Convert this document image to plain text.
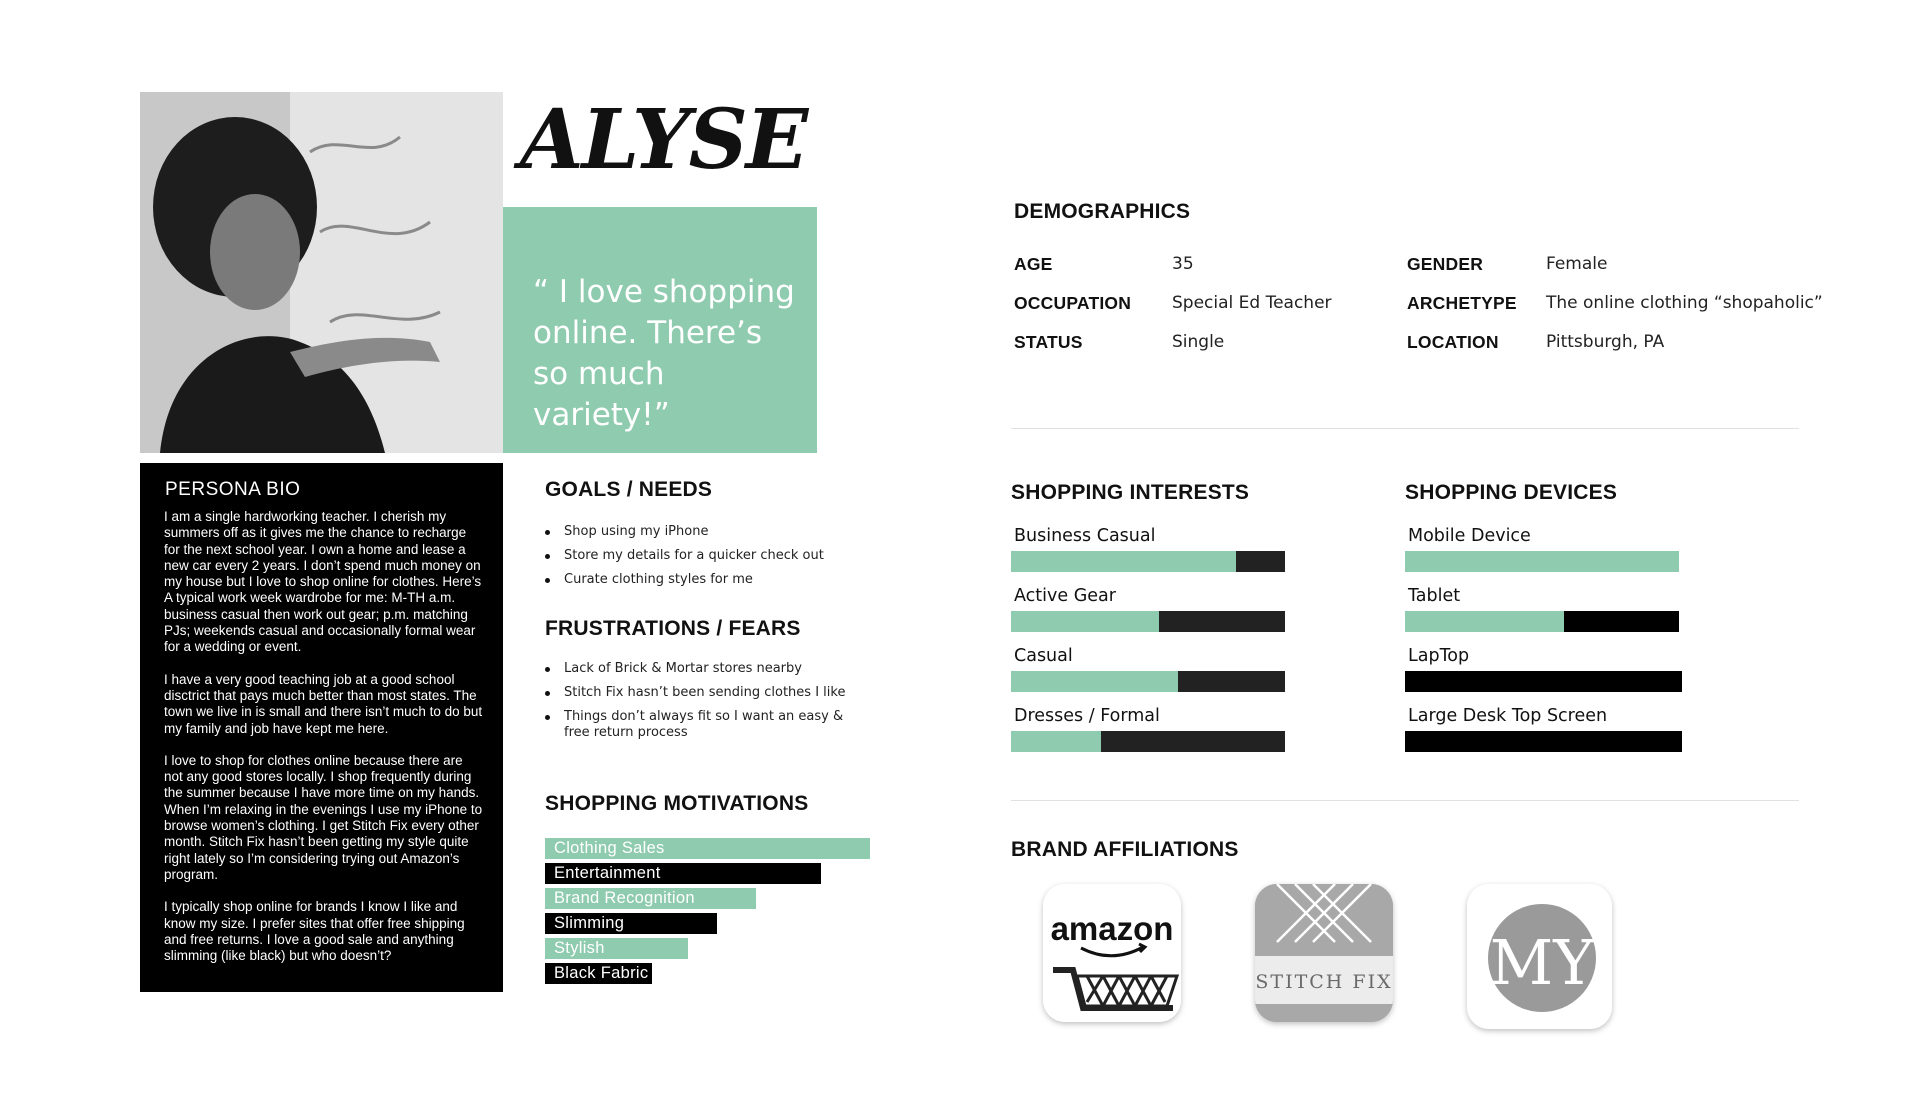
ALYSE
“ I love shopping online. There’s so much variety!”
PERSONA BIO

I am a single hardworking teacher. I cherish my summers off as it gives me the chance to recharge for the next school year. I own a home and lease a new car every 2 years. I don’t spend much money on my house but I love to shop online for clothes. Here’s A typical work week wardrobe for me: M-TH a.m. business casual then work out gear; p.m. matching PJs; weekends casual and occasionally formal wear for a wedding or event.

I have a very good teaching job at a good school disctrict that pays much better than most states. The town we live in is small and there isn’t much to do but my family and job have kept me here.

I love to shop for clothes online because there are not any good stores locally. I shop frequently during the summer because I have more time on my hands. When I’m relaxing in the evenings I use my iPhone to browse women’s clothing. I get Stitch Fix every other month. Stitch Fix hasn’t been getting my style quite right lately so I’m considering trying out Amazon’s program.

I typically shop online for brands I know I like and know my size. I prefer sites that offer free shipping and free returns. I love a good sale and anything slimming (like black) but who doesn’t?

GOALS / NEEDS
Shop using my iPhone
Store my details for a quicker check out
Curate clothing styles for me
FRUSTRATIONS / FEARS
Lack of Brick & Mortar stores nearby
Stitch Fix hasn’t been sending clothes I like
Things don’t always fit so I want an easy & free return process
SHOPPING MOTIVATIONS
Clothing Sales
Entertainment
Brand Recognition
Slimming
Stylish
Black Fabric
DEMOGRAPHICS
AGE	35
OCCUPATION Special Ed Teacher
STATUS	Single
GENDER	Female
ARCHETYPE The online clothing “shopaholic”
LOCATION	Pittsburgh, PA
SHOPPING INTERESTS
Business Casual
Active Gear
Casual
Dresses / Formal
SHOPPING DEVICES
Mobile Device
Tablet
LapTop
Large Desk Top Screen
BRAND AFFILIATIONS
amazon
STITCH FIX MY
